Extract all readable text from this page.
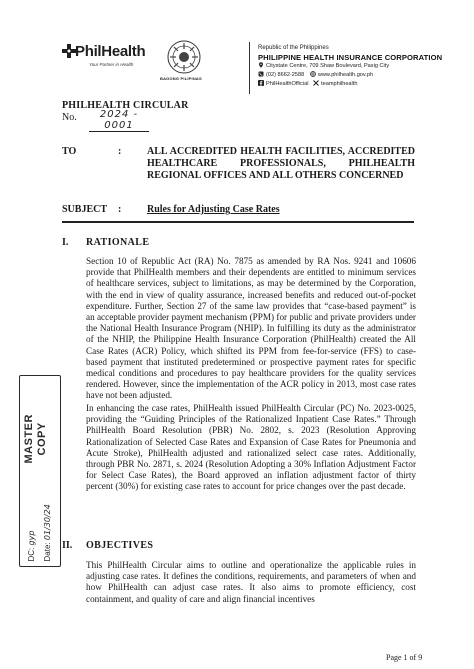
PhilHealth
Your Partner in Health
BAGONG PILIPINAS
Republic of the Philippines
PHILIPPINE HEALTH INSURANCE CORPORATION
Citystate Centre, 709 Shaw Boulevard, Pasig City
(02) 8662-2588 www.philhealth.gov.ph
PhilHealthOfficial teamphilhealth
PHILHEALTH CIRCULAR
No.	2024 - 0001
TO	:	ALL ACCREDITED HEALTH FACILITIES, ACCREDITED HEALTHCARE PROFESSIONALS, PHILHEALTH REGIONAL OFFICES AND ALL OTHERS CONCERNED
SUBJECT :	Rules for Adjusting Case Rates
I. RATIONALE
Section 10 of Republic Act (RA) No. 7875 as amended by RA Nos. 9241 and 10606 provide that PhilHealth members and their dependents are entitled to minimum services of healthcare services, subject to limitations, as may be determined by the Corporation, with the end in view of quality assurance, increased benefits and reduced out-of-pocket expenditure. Further, Section 27 of the same law provides that “case-based payment” is an acceptable provider payment mechanism (PPM) for public and private providers under the National Health Insurance Program (NHIP). In fulfilling its duty as the administrator of the NHIP, the Philippine Health Insurance Corporation (PhilHealth) created the All Case Rates (ACR) Policy, which shifted its PPM from fee-for-service (FFS) to case-based payment that instituted predetermined or prospective payment rates for specific medical conditions and procedures to pay healthcare providers for the quality services rendered. However, since the implementation of the ACR policy in 2013, most case rates have not been adjusted.
In enhancing the case rates, PhilHealth issued PhilHealth Circular (PC) No. 2023-0025, providing the “Guiding Principles of the Rationalized Inpatient Case Rates.” Through PhilHealth Board Resolution (PBR) No. 2802, s. 2023 (Resolution Approving Rationalization of Selected Case Rates and Expansion of Case Rates for Pneumonia and Acute Stroke), PhilHealth adjusted and rationalized select case rates. Additionally, through PBR No. 2871, s. 2024 (Resolution Adopting a 30% Inflation Adjustment Factor for Select Case Rates), the Board approved an inflation adjustment factor of thirty percent (30%) for existing case rates to account for price changes over the past decade.
II. OBJECTIVES
This PhilHealth Circular aims to outline and operationalize the applicable rules in adjusting case rates. It defines the conditions, requirements, and parameters of when and how PhilHealth can adjust case rates. It also aims to promote efficiency, cost containment, and quality of care and align financial incentives
MASTER COPY
DC: gyp
Date: 01/30/24
Page 1 of 9
